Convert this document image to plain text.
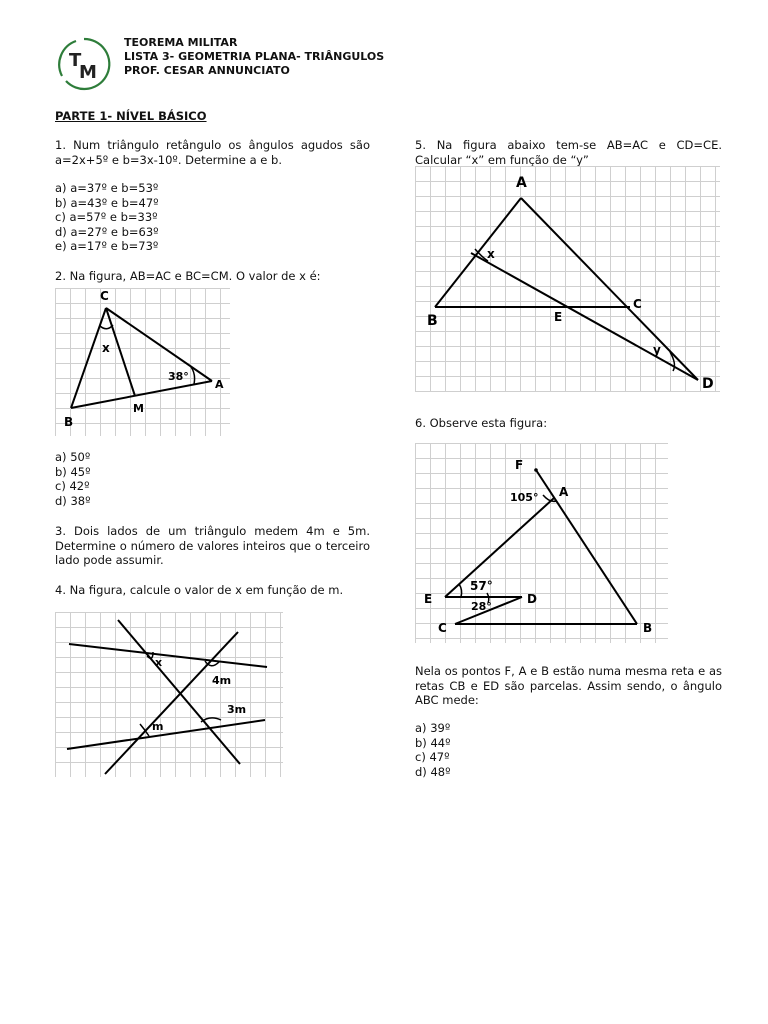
T
M
TEOREMA MILITAR
LISTA 3- GEOMETRIA PLANA- TRIÂNGULOS
PROF. CESAR ANNUNCIATO
PARTE 1- NÍVEL BÁSICO
1. Num triângulo retângulo os ângulos agudos são a=2x+5º e b=3x-10º. Determine a e b.
a) a=37º e b=53º
b) a=43º e b=47º
c) a=57º e b=33º
d) a=27º e b=63º
e) a=17º e b=73º
2. Na figura, AB=AC e BC=CM. O valor de x é:
C
B
M
A
x
38°
a) 50º
b) 45º
c) 42º
d) 38º
3. Dois lados de um triângulo medem 4m e 5m. Determine o número de valores inteiros que o terceiro lado pode assumir.
4. Na figura, calcule o valor de x em função de m.
x
4m
3m
m
5. Na figura abaixo tem-se AB=AC e CD=CE. Calcular “x” em função de “y”
A
B
C
E
D
x
y
6. Observe esta figura:
F
A
E	D
C	B
105°
57°
28°
Nela os pontos F, A e B estão numa mesma reta e as retas CB e ED são parcelas. Assim sendo, o ângulo ABC mede:
a) 39º
b) 44º
c) 47º
d) 48º
